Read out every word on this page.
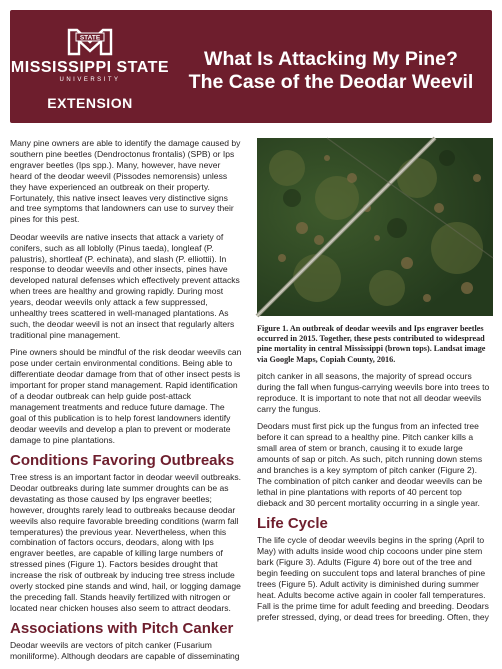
STATE
MISSISSIPPI STATE
UNIVERSITY
EXTENSION
What Is Attacking My Pine?
The Case of the Deodar Weevil

Many pine owners are able to identify the damage caused by southern pine beetles (Dendroctonus frontalis) (SPB) or Ips engraver beetles (Ips spp.). Many, however, have never heard of the deodar weevil (Pissodes nemorensis) unless they have experienced an outbreak on their property. Fortunately, this native insect leaves very distinctive signs and tree symptoms that landowners can use to survey their pines for this pest.

Deodar weevils are native insects that attack a variety of conifers, such as all loblolly (Pinus taeda), longleaf (P. palustris), shortleaf (P. echinata), and slash (P. elliottii). In response to deodar weevils and other insects, pines have developed natural defenses which effectively prevent attacks when trees are healthy and growing rapidly. During most years, deodar weevils only attack a few suppressed, unhealthy trees scattered in well-managed plantations. As such, the deodar weevil is not an insect that regularly alters traditional pine management.

Pine owners should be mindful of the risk deodar weevils can pose under certain environmental conditions. Being able to differentiate deodar damage from that of other insect pests is important for proper stand management. Rapid identification of a deodar outbreak can help guide post-attack management treatments and reduce future damage. The goal of this publication is to help forest landowners identify deodar weevils and develop a plan to prevent or moderate damage to pine plantations.

Conditions Favoring Outbreaks

Tree stress is an important factor in deodar weevil outbreaks. Deodar outbreaks during late summer droughts can be as devastating as those caused by Ips engraver beetles; however, droughts rarely lead to outbreaks because deodar weevils also require favorable breeding conditions (warm fall temperatures) the previous year. Nevertheless, when this combination of factors occurs, deodars, along with Ips engraver beetles, are capable of killing large numbers of stressed pines (Figure 1). Factors besides drought that increase the risk of outbreak by inducing tree stress include overly stocked pine stands and wind, hail, or logging damage the preceding fall. Stands heavily fertilized with nitrogen or located near chicken houses also seem to attract deodars.

Associations with Pitch Canker

Deodar weevils are vectors of pitch canker (Fusarium moniliforme). Although deodars are capable of disseminating

Figure 1. An outbreak of deodar weevils and Ips engraver beetles occurred in 2015. Together, these pests contributed to widespread pine mortality in central Mississippi (brown tops). Landsat image via Google Maps, Copiah County, 2016.

pitch canker in all seasons, the majority of spread occurs during the fall when fungus-carrying weevils bore into trees to reproduce. It is important to note that not all deodar weevils carry the fungus.

Deodars must first pick up the fungus from an infected tree before it can spread to a healthy pine. Pitch canker kills a small area of stem or branch, causing it to exude large amounts of sap or pitch. As such, pitch running down stems and branches is a key symptom of pitch canker (Figure 2). The combination of pitch canker and deodar weevils can be lethal in pine plantations with reports of 40 percent top dieback and 30 percent mortality occurring in a single year.

Life Cycle

The life cycle of deodar weevils begins in the spring (April to May) with adults inside wood chip cocoons under pine stem bark (Figure 3). Adults (Figure 4) bore out of the tree and begin feeding on succulent tops and lateral branches of pine trees (Figure 5). Adult activity is diminished during summer heat. Adults become active again in cooler fall temperatures. Fall is the prime time for adult feeding and breeding. Deodars prefer stressed, dying, or dead trees for breeding. Often, they
